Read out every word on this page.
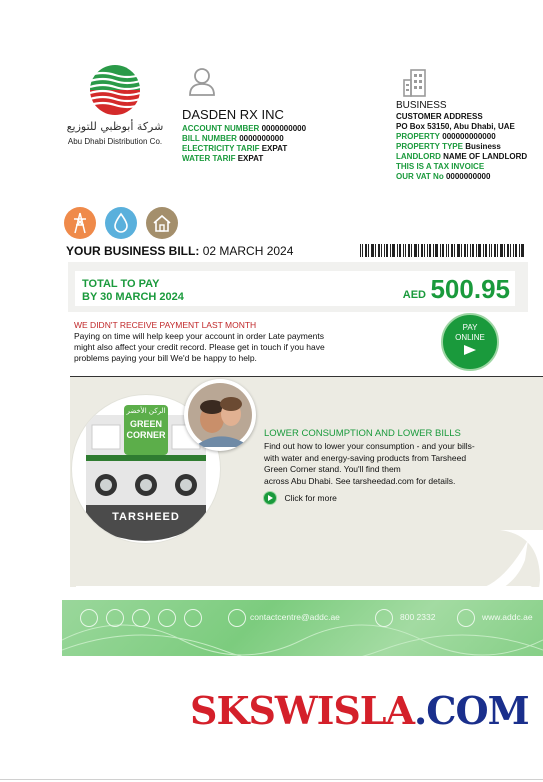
شركة أبوظبي للتوزيع
Abu Dhabi Distribution Co.
DASDEN RX INC
ACCOUNT NUMBER 0000000000
BILL NUMBER 0000000000
ELECTRICITY TARIF EXPAT
WATER TARIF EXPAT
BUSINESS
CUSTOMER ADDRESS
PO Box 53150, Abu Dhabi, UAE
PROPERTY 000000000000
PROPERTY TYPE Business
LANDLORD NAME OF LANDLORD
THIS IS A TAX INVOICE
OUR VAT No 0000000000
YOUR BUSINESS BILL: 02 MARCH 2024
TOTAL TO PAY
BY 30 MARCH 2024	AED 500.95
WE DIDN'T RECEIVE PAYMENT LAST MONTH
Paying on time will help keep your account in order Late payments might also affect your credit record. Please get in touch if you have problems paying your bill We'd be happy to help.
PAY
ONLINE
الركن الأخضر
GREEN
CORNER
TARSHEED
LOWER CONSUMPTION AND LOWER BILLS
Find out how to lower your consumption - and your bills-
with water and energy-saving products from Tarsheed
Green Corner stand. You'll find them
across Abu Dhabi. See tarsheedad.com for details.
Click for more
contactcentre@addc.ae	800 2332	www.addc.ae
SKSWISLA.COM
